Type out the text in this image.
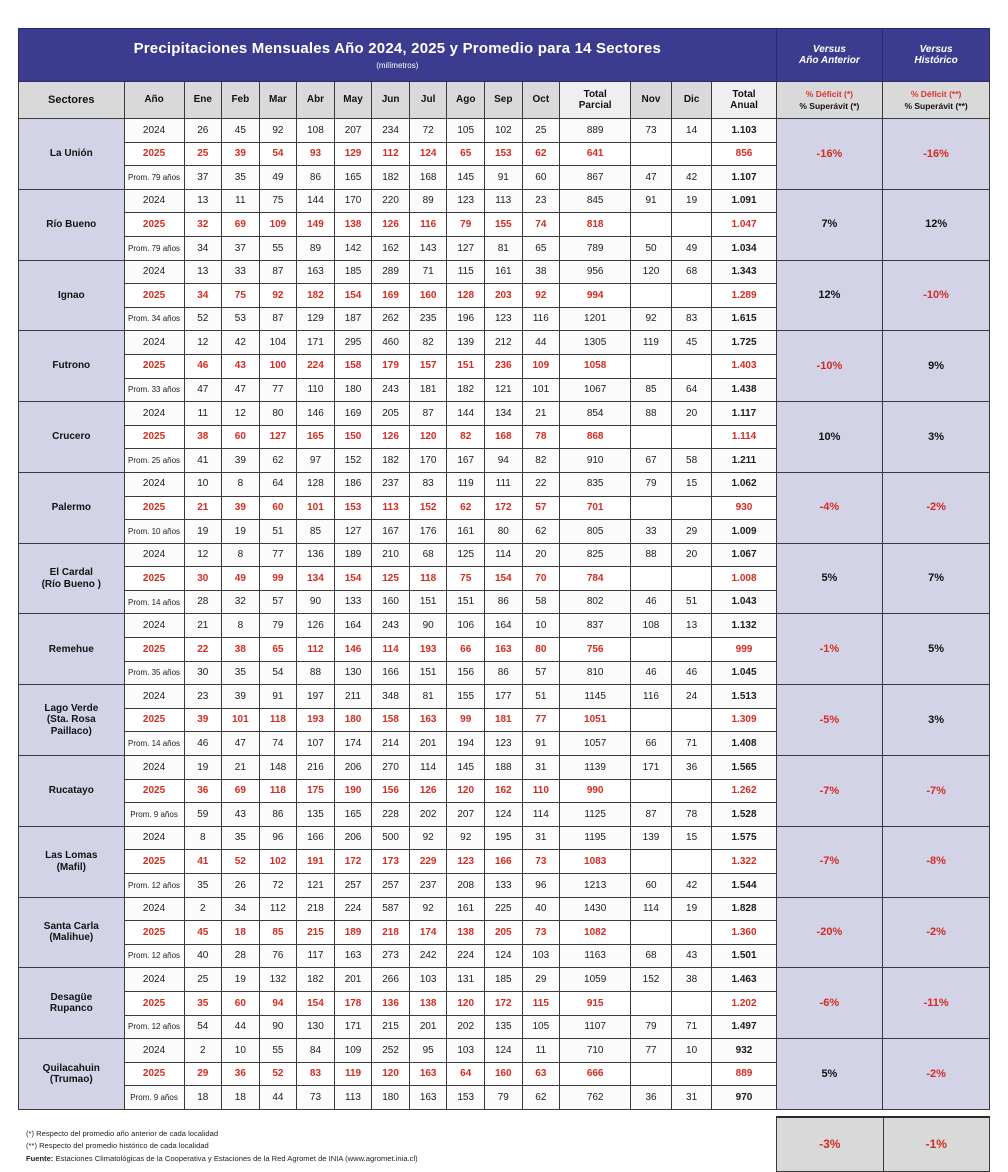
Precipitaciones Mensuales Año 2024, 2025 y Promedio para 14 Sectores
(milímetros)																Versus
Año Anterior	Versus
Histórico
Sectores	Año	Ene	Feb	Mar	Abr	May	Jun	Jul	Ago	Sep	Oct	Total
Parcial	Nov	Dic	Total
Anual	% Déficit (*)
% Superávit (*)	% Déficit (**)
% Superávit (**)

La Unión	2024	26	45	92	108	207	234	72	105	102	25	889	73	14	1.103	-16%	-16%
	2025	25	39	54	93	129	112	124	65	153	62	641			856		
	Prom. 79 años	37	35	49	86	165	182	168	145	91	60	867	47	42	1.107		
Río Bueno	2024	13	11	75	144	170	220	89	123	113	23	845	91	19	1.091	7%	12%
	2025	32	69	109	149	138	126	116	79	155	74	818			1.047		
	Prom. 79 años	34	37	55	89	142	162	143	127	81	65	789	50	49	1.034		
Ignao	2024	13	33	87	163	185	289	71	115	161	38	956	120	68	1.343	12%	-10%
	2025	34	75	92	182	154	169	160	128	203	92	994			1.289		
	Prom. 34 años	52	53	87	129	187	262	235	196	123	116	1201	92	83	1.615		
Futrono	2024	12	42	104	171	295	460	82	139	212	44	1305	119	45	1.725	-10%	9%
	2025	46	43	100	224	158	179	157	151	236	109	1058			1.403		
	Prom. 33 años	47	47	77	110	180	243	181	182	121	101	1067	85	64	1.438		
Crucero	2024	11	12	80	146	169	205	87	144	134	21	854	88	20	1.117	10%	3%
	2025	38	60	127	165	150	126	120	82	168	78	868			1.114		
	Prom. 25 años	41	39	62	97	152	182	170	167	94	82	910	67	58	1.211		
Palermo	2024	10	8	64	128	186	237	83	119	111	22	835	79	15	1.062	-4%	-2%
	2025	21	39	60	101	153	113	152	62	172	57	701			930		
	Prom. 10 años	19	19	51	85	127	167	176	161	80	62	805	33	29	1.009		
El Cardal
(Río Bueno )	2024	12	8	77	136	189	210	68	125	114	20	825	88	20	1.067	5%	7%
	2025	30	49	99	134	154	125	118	75	154	70	784			1.008		
	Prom. 14 años	28	32	57	90	133	160	151	151	86	58	802	46	51	1.043		
Remehue	2024	21	8	79	126	164	243	90	106	164	10	837	108	13	1.132	-1%	5%
	2025	22	38	65	112	146	114	193	66	163	80	756			999		
	Prom. 35 años	30	35	54	88	130	166	151	156	86	57	810	46	46	1.045		
Lago Verde
(Sta. Rosa
Paillaco)	2024	23	39	91	197	211	348	81	155	177	51	1145	116	24	1.513	-5%	3%
	2025	39	101	118	193	180	158	163	99	181	77	1051			1.309		
	Prom. 14 años	46	47	74	107	174	214	201	194	123	91	1057	66	71	1.408		
Rucatayo	2024	19	21	148	216	206	270	114	145	188	31	1139	171	36	1.565	-7%	-7%
	2025	36	69	118	175	190	156	126	120	162	110	990			1.262		
	Prom. 9 años	59	43	86	135	165	228	202	207	124	114	1125	87	78	1.528		
Las Lomas
(Mafil)	2024	8	35	96	166	206	500	92	92	195	31	1195	139	15	1.575	-7%	-8%
	2025	41	52	102	191	172	173	229	123	166	73	1083			1.322		
	Prom. 12 años	35	26	72	121	257	257	237	208	133	96	1213	60	42	1.544		
Santa Carla
(Malihue)	2024	2	34	112	218	224	587	92	161	225	40	1430	114	19	1.828	-20%	-2%
	2025	45	18	85	215	189	218	174	138	205	73	1082			1.360		
	Prom. 12 años	40	28	76	117	163	273	242	224	124	103	1163	68	43	1.501		
Desagüe
Rupanco	2024	25	19	132	182	201	266	103	131	185	29	1059	152	38	1.463	-6%	-11%
	2025	35	60	94	154	178	136	138	120	172	115	915			1.202		
	Prom. 12 años	54	44	90	130	171	215	201	202	135	105	1107	79	71	1.497		
Quilacahuin
(Trumao)	2024	2	10	55	84	109	252	95	103	124	11	710	77	10	932	5%	-2%
	2025	29	36	52	83	119	120	163	64	160	63	666			889		
	Prom. 9 años	18	18	44	73	113	180	163	153	79	62	762	36	31	970		
(*) Respecto del promedio año anterior de cada localidad
(**) Respecto del promedio histórico de cada localidad
Fuente: Estaciones Climatológicas de la Cooperativa y Estaciones de la Red Agromet de INIA (www.agromet.inia.cl)
-3%	-1%
